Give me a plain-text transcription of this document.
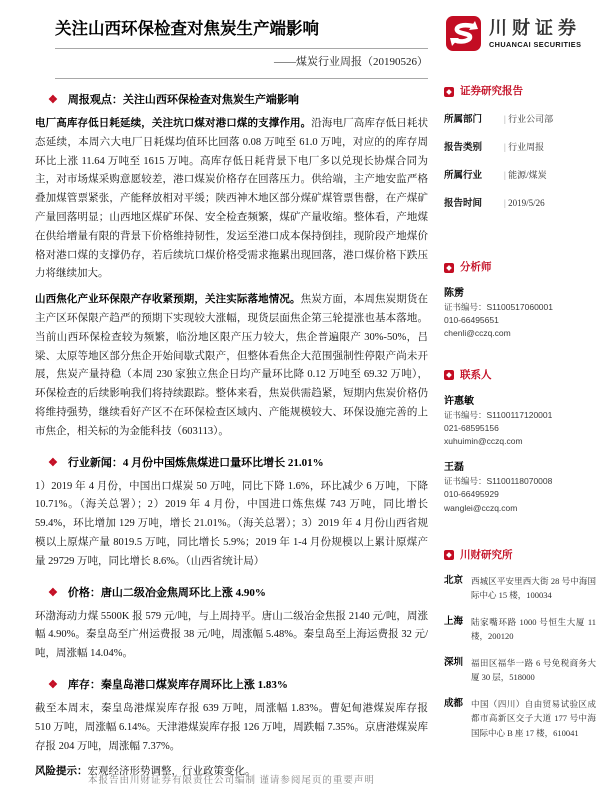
川财证券
CHUANCAI SECURITIES
关注山西环保检查对焦炭生产端影响
——煤炭行业周报（20190526）
❖
周报观点：关注山西环保检查对焦炭生产端影响

电厂高库存低日耗延续，关注坑口煤对港口煤的支撑作用。沿海电厂高库存低日耗状态延续，本周六大电厂日耗煤均值环比回落 0.08 万吨至 61.0 万吨，对应的的库存周环比上涨 11.64 万吨至 1615 万吨。高库存低日耗背景下电厂多以兑现长协煤合同为主，对市场煤采购意愿较差，港口煤炭价格存在回落压力。供给端，主产地安监严格叠加煤管票紧张，产能释放相对平缓；陕西神木地区部分煤矿煤管票售罄，在产煤矿产量回落明显；山西地区煤矿环保、安全检查频繁，煤矿产量收缩。整体看，产地煤在供给增量有限的背景下价格维持韧性，发运至港口成本保持倒挂，现阶段产地煤价格对港口煤的支撑仍存，若后续坑口煤价格受需求拖累出现回落，港口煤价格下跌压力将继续加大。

山西焦化产业环保限产存收紧预期，关注实际落地情况。焦炭方面，本周焦炭期货在主产区环保限产趋严的预期下实现较大涨幅，现货层面焦企第三轮提涨也基本落地。当前山西环保检查较为频繁，临汾地区限产压力较大，焦企普遍限产 30%-50%，吕梁、太原等地区部分焦企开始间歇式限产，但整体看焦企大范围强制性停限产尚未开展，焦炭产量持稳（本周 230 家独立焦企日均产量环比降 0.12 万吨至 69.32 万吨），环保检查的后续影响我们将持续跟踪。整体来看，焦炭供需趋紧，短期内焦炭价格仍将维持强势，继续看好产区不在环保检查区域内、产能规模较大、环保设施完善的上市焦企，相关标的为金能科技（603113）。

❖
行业新闻：4 月份中国炼焦煤进口量环比增长 21.01%

1）2019 年 4 月份，中国出口煤炭 50 万吨，同比下降 1.6%，环比减少 6 万吨，下降 10.71%。（海关总署）；2）2019 年 4 月份，中国进口炼焦煤 743 万吨，同比增长 59.4%，环比增加 129 万吨，增长 21.01%。（海关总署）；3）2019 年 4 月份山西省规模以上原煤产量 8019.5 万吨，同比增长 5.9%；2019 年 1-4 月份规模以上累计原煤产量 29729 万吨，同比增长 8.6%。（山西省统计局）

❖
价格：唐山二级冶金焦周环比上涨 4.90%

环渤海动力煤 5500K 报 579 元/吨，与上周持平。唐山二级冶金焦报 2140 元/吨，周涨幅 4.90%。秦皇岛至广州运费报 38 元/吨，周涨幅 5.48%。秦皇岛至上海运费报 32 元/吨，周涨幅 14.04%。

❖
库存：秦皇岛港口煤炭库存周环比上涨 1.83%

截至本周末，秦皇岛港煤炭库存报 639 万吨，周涨幅 1.83%。曹妃甸港煤炭库存报 510 万吨，周涨幅 6.14%。天津港煤炭库存报 126 万吨，周跌幅 7.35%。京唐港煤炭库存报 204 万吨，周涨幅 7.37%。

风险提示：宏观经济形势调整，行业政策变化。

证券研究报告
所属部门	| 行业公司部
报告类别	| 行业周报
所属行业	| 能源/煤炭
报告时间	| 2019/5/26
分析师
陈雳
证书编号：S1100517060001
010-66495651
chenli@cczq.com
联系人
许惠敏
证书编号：S1100117120001
021-68595156
xuhuimin@cczq.com
王磊
证书编号：S1100118070008
010-66495929
wanglei@cczq.com
川财研究所
北京 西城区平安里西大街 28 号中海国际中心 15 楼，100034
上海 陆家嘴环路 1000 号恒生大厦 11 楼，200120
深圳 福田区福华一路 6 号免税商务大厦 30 层，518000
成都 中国（四川）自由贸易试验区成都市高新区交子大道 177 号中海国际中心 B 座 17 楼，610041
本报告由川财证券有限责任公司编制 谨请参阅尾页的重要声明
